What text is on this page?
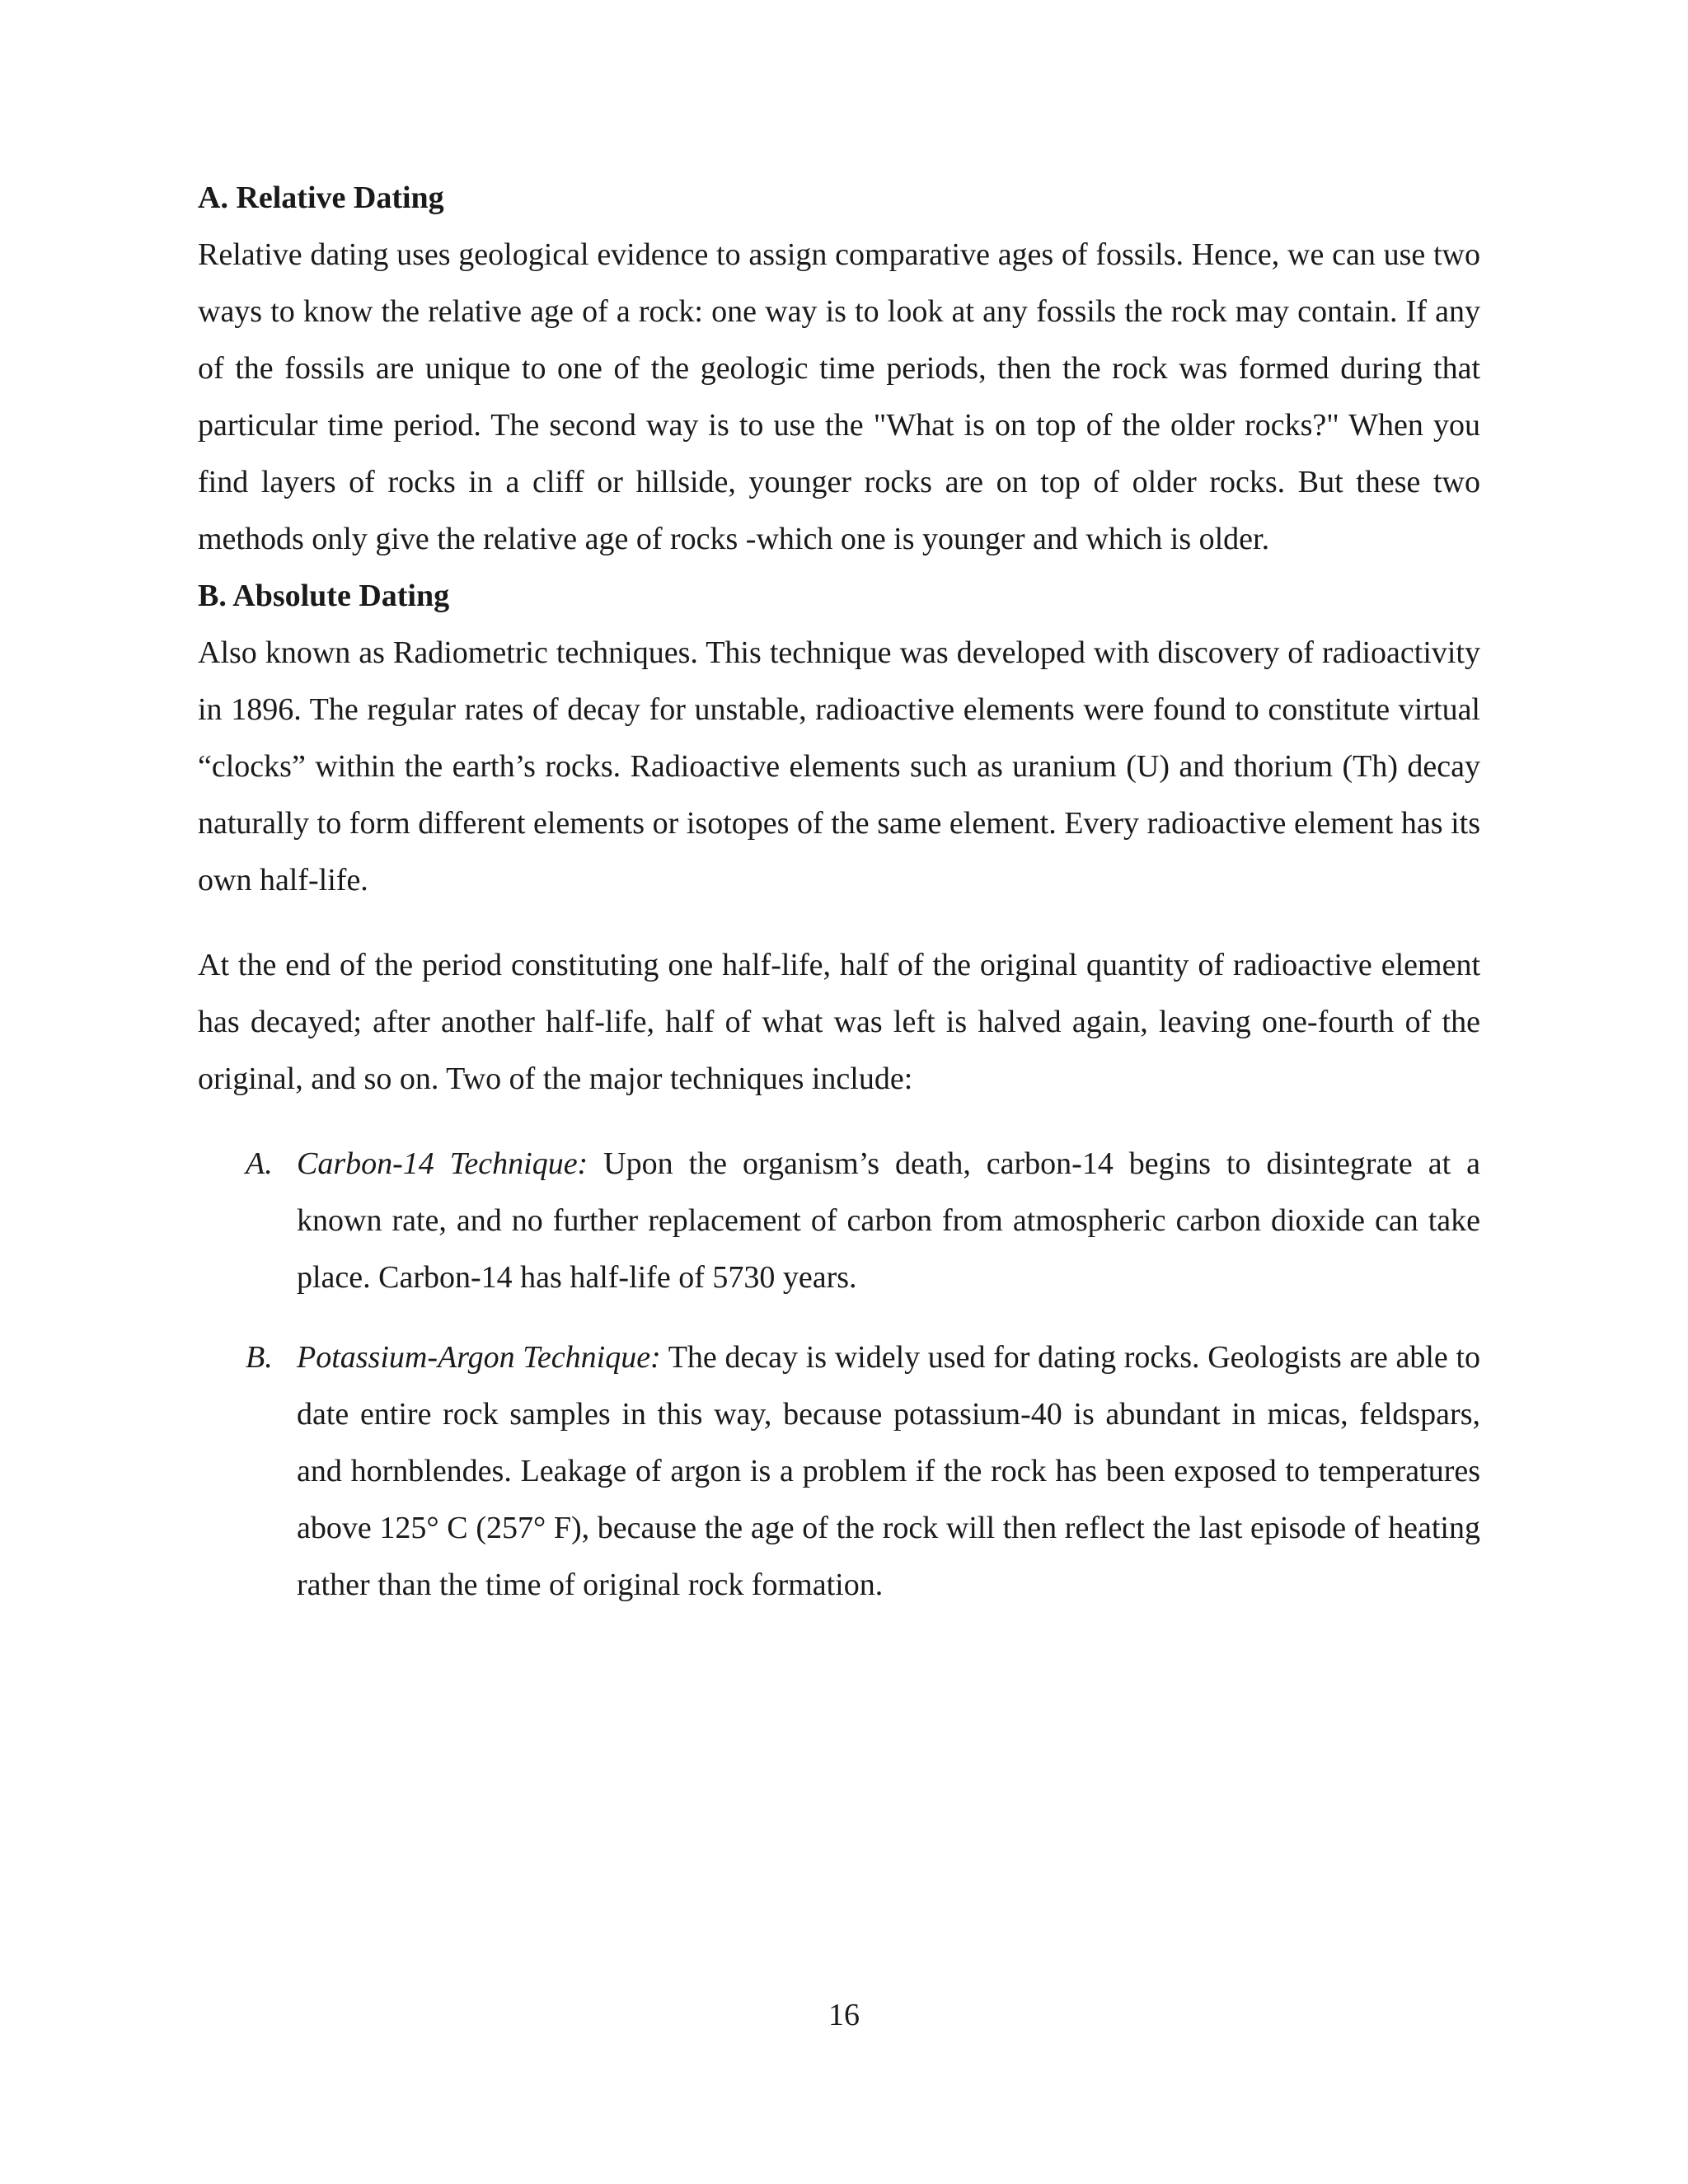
A. Relative Dating

Relative dating uses geological evidence to assign comparative ages of fossils. Hence, we can use two ways to know the relative age of a rock: one way is to look at any fossils the rock may contain. If any of the fossils are unique to one of the geologic time periods, then the rock was formed during that particular time period. The second way is to use the "What is on top of the older rocks?" When you find layers of rocks in a cliff or hillside, younger rocks are on top of older rocks. But these two methods only give the relative age of rocks -which one is younger and which is older.

B. Absolute Dating

Also known as Radiometric techniques. This technique was developed with discovery of radioactivity in 1896. The regular rates of decay for unstable, radioactive elements were found to constitute virtual “clocks” within the earth’s rocks. Radioactive elements such as uranium (U) and thorium (Th) decay naturally to form different elements or isotopes of the same element. Every radioactive element has its own half-life.

At the end of the period constituting one half-life, half of the original quantity of radioactive element has decayed; after another half-life, half of what was left is halved again, leaving one-fourth of the original, and so on. Two of the major techniques include:

A. Carbon-14 Technique: Upon the organism’s death, carbon-14 begins to disintegrate at a known rate, and no further replacement of carbon from atmospheric carbon dioxide can take place. Carbon-14 has half-life of 5730 years.
B. Potassium-Argon Technique: The decay is widely used for dating rocks. Geologists are able to date entire rock samples in this way, because potassium-40 is abundant in micas, feldspars, and hornblendes. Leakage of argon is a problem if the rock has been exposed to temperatures above 125° C (257° F), because the age of the rock will then reflect the last episode of heating rather than the time of original rock formation.
16
